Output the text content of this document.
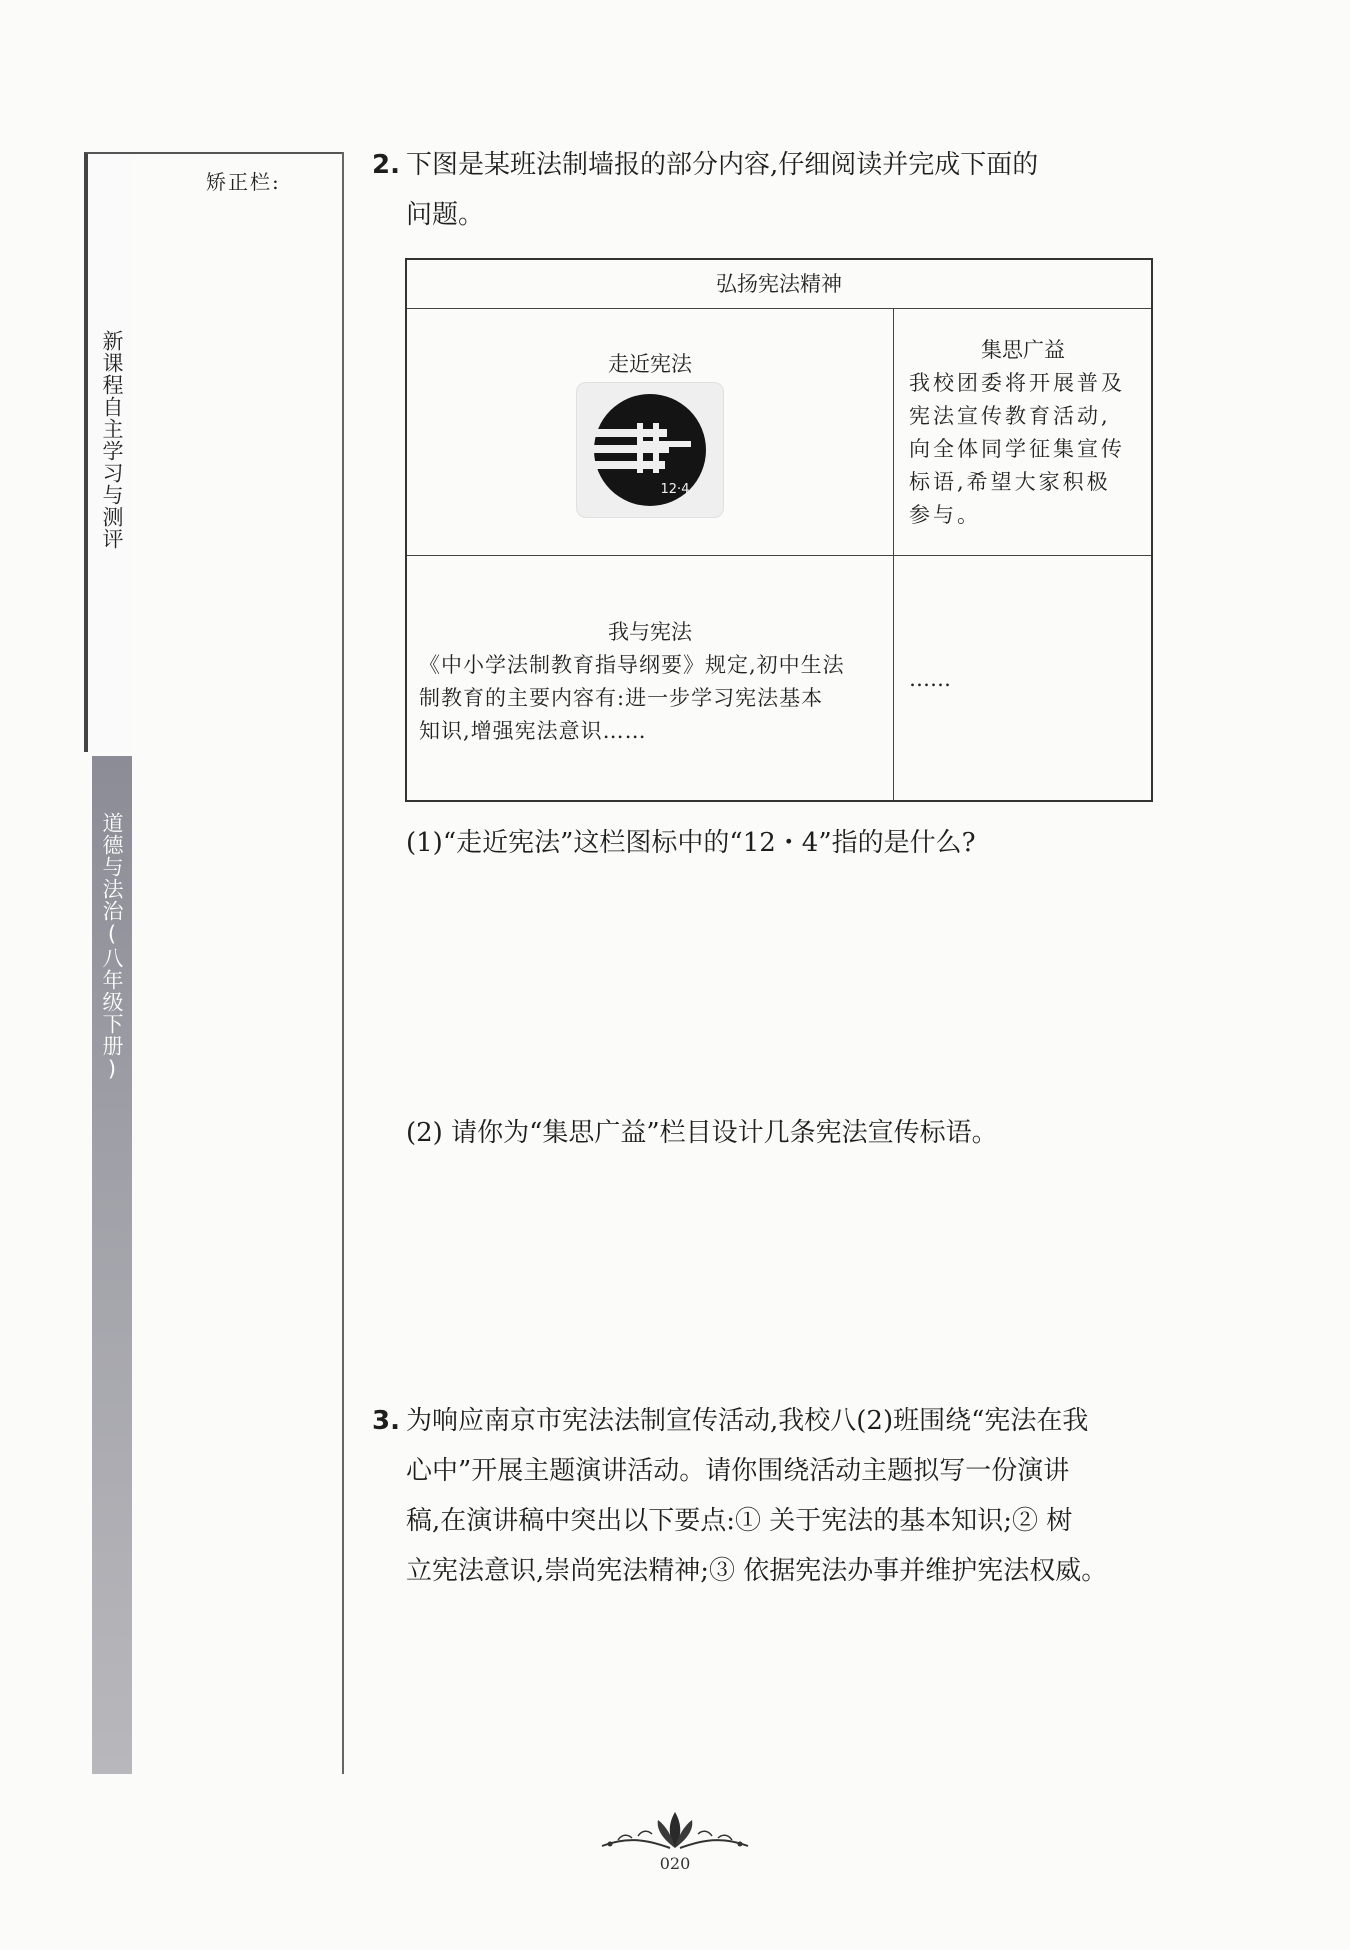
新课程自主学习与测评
道德与法治(八年级下册)
矫正栏:
2. 下图是某班法制墙报的部分内容,仔细阅读并完成下面的
问题。
弘扬宪法精神
走近宪法
集思广益
我校团委将开展普及
宪法宣传教育活动,
向全体同学征集宣传
标语,希望大家积极
参与。
我与宪法
《中小学法制教育指导纲要》规定,初中生法
制教育的主要内容有:进一步学习宪法基本
知识,增强宪法意识……
……
12·4
(1)“走近宪法”这栏图标中的“12・4”指的是什么?
(2) 请你为“集思广益”栏目设计几条宪法宣传标语。
3. 为响应南京市宪法法制宣传活动,我校八(2)班围绕“宪法在我
心中”开展主题演讲活动。请你围绕活动主题拟写一份演讲
稿,在演讲稿中突出以下要点:① 关于宪法的基本知识;② 树
立宪法意识,崇尚宪法精神;③ 依据宪法办事并维护宪法权威。
020
